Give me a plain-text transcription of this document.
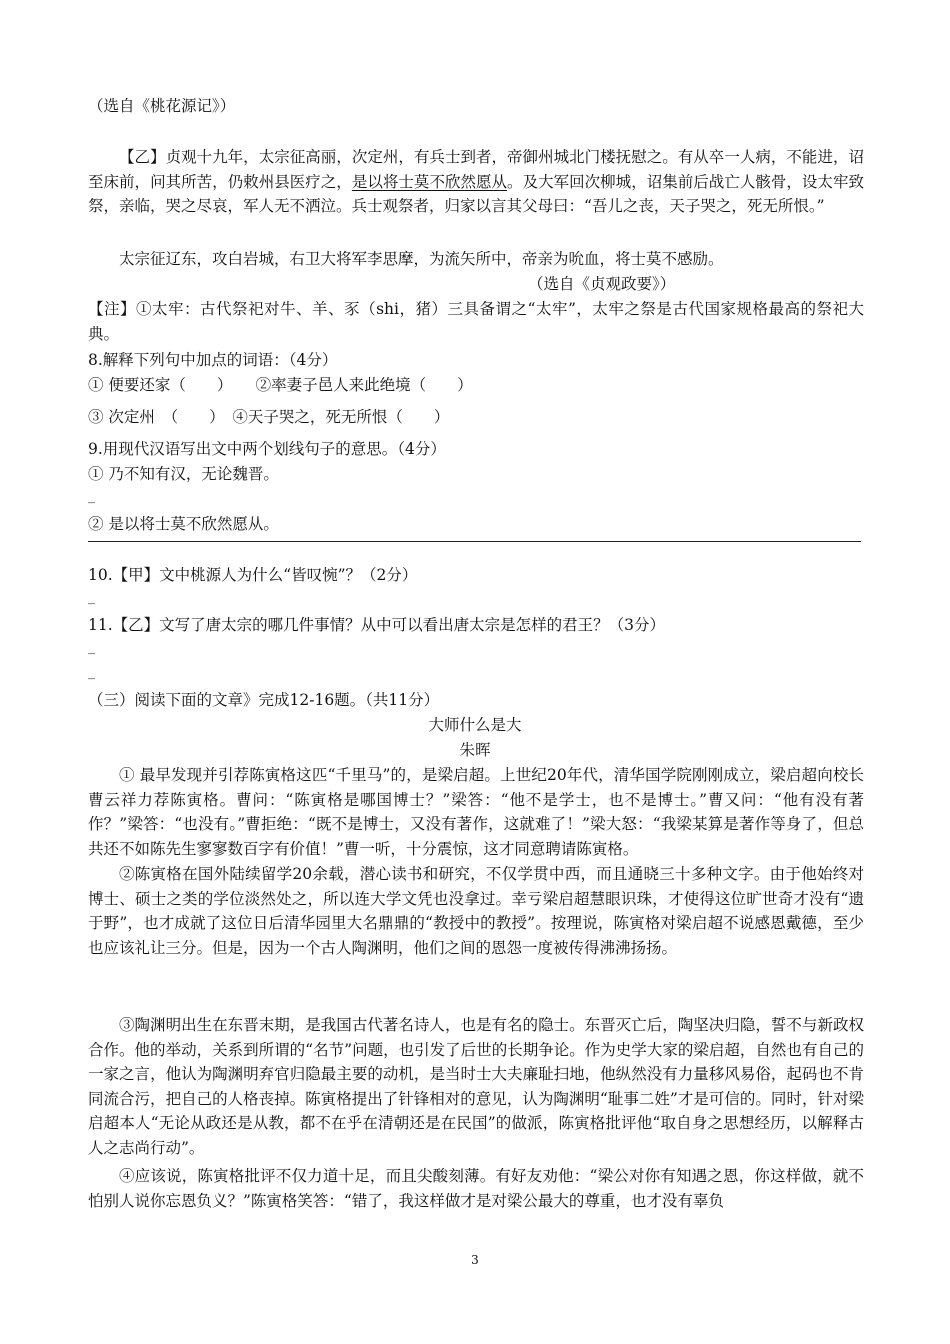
（选自《桃花源记》）
【乙】贞观十九年，太宗征高丽，次定州，有兵士到者，帝御州城北门楼抚慰之。有从卒一人病，不能进，诏至床前，问其所苦，仍敕州县医疗之，是以将士莫不欣然愿从。及大军回次柳城，诏集前后战亡人骸骨，设太牢致祭，亲临，哭之尽哀，军人无不洒泣。兵士观祭者，归家以言其父母曰：“吾儿之丧，天子哭之，死无所恨。”
太宗征辽东，攻白岩城，右卫大将军李思摩，为流矢所中，帝亲为吮血，将士莫不感励。
（选自《贞观政要》）
【注】①太牢：古代祭祀对牛、羊、豕（shi，猪）三具备谓之“太牢”，太牢之祭是古代国家规格最高的祭祀大典。
8.解释下列句中加点的词语：（4分）
① 便要还家（　　）　　②率妻子邑人来此绝境（　　）
③ 次定州　（　　）　④天子哭之，死无所恨（　　）
9.用现代汉语写出文中两个划线句子的意思。（4分）
① 乃不知有汉，无论魏晋。
_
② 是以将士莫不欣然愿从。
10.【甲】文中桃源人为什么“皆叹惋”？（2分）
_
11.【乙】文写了唐太宗的哪几件事情？从中可以看出唐太宗是怎样的君王？（3分）
_
_
（三）阅读下面的文章》完成12-16题。（共11分）
大师什么是大
朱晖
① 最早发现并引荐陈寅格这匹“千里马”的，是梁启超。上世纪20年代，清华国学院刚刚成立，梁启超向校长曹云祥力荐陈寅格。曹问：“陈寅格是哪国博士？”梁答：“他不是学士，也不是博士。”曹又问：“他有没有著作？”梁答：“也没有。”曹拒绝：“既不是博士，又没有著作，这就难了！”梁大怒：“我梁某算是著作等身了，但总共还不如陈先生寥寥数百字有价值！”曹一听，十分震惊，这才同意聘请陈寅格。
②陈寅格在国外陆续留学20余载，潜心读书和研究，不仅学贯中西，而且通晓三十多种文字。由于他始终对博士、硕士之类的学位淡然处之，所以连大学文凭也没拿过。幸亏梁启超慧眼识珠，才使得这位旷世奇才没有“遗于野”，也才成就了这位日后清华园里大名鼎鼎的“教授中的教授”。按理说，陈寅格对梁启超不说感恩戴德，至少也应该礼让三分。但是，因为一个古人陶渊明，他们之间的恩怨一度被传得沸沸扬扬。
③陶渊明出生在东晋末期，是我国古代著名诗人，也是有名的隐士。东晋灭亡后，陶坚决归隐，誓不与新政权合作。他的举动，关系到所谓的“名节”问题，也引发了后世的长期争论。作为史学大家的梁启超，自然也有自己的一家之言，他认为陶渊明弃官归隐最主要的动机，是当时士大夫廉耻扫地，他纵然没有力量移风易俗，起码也不肯同流合污，把自己的人格丧掉。陈寅格提出了针锋相对的意见，认为陶渊明“耻事二姓”才是可信的。同时，针对梁启超本人“无论从政还是从教，都不在乎在清朝还是在民国”的做派，陈寅格批评他“取自身之思想经历，以解释古人之志尚行动”。
④应该说，陈寅格批评不仅力道十足，而且尖酸刻薄。有好友劝他：“梁公对你有知遇之恩，你这样做，就不怕别人说你忘恩负义？”陈寅格笑答：“错了，我这样做才是对梁公最大的尊重，也才没有辜负
3
